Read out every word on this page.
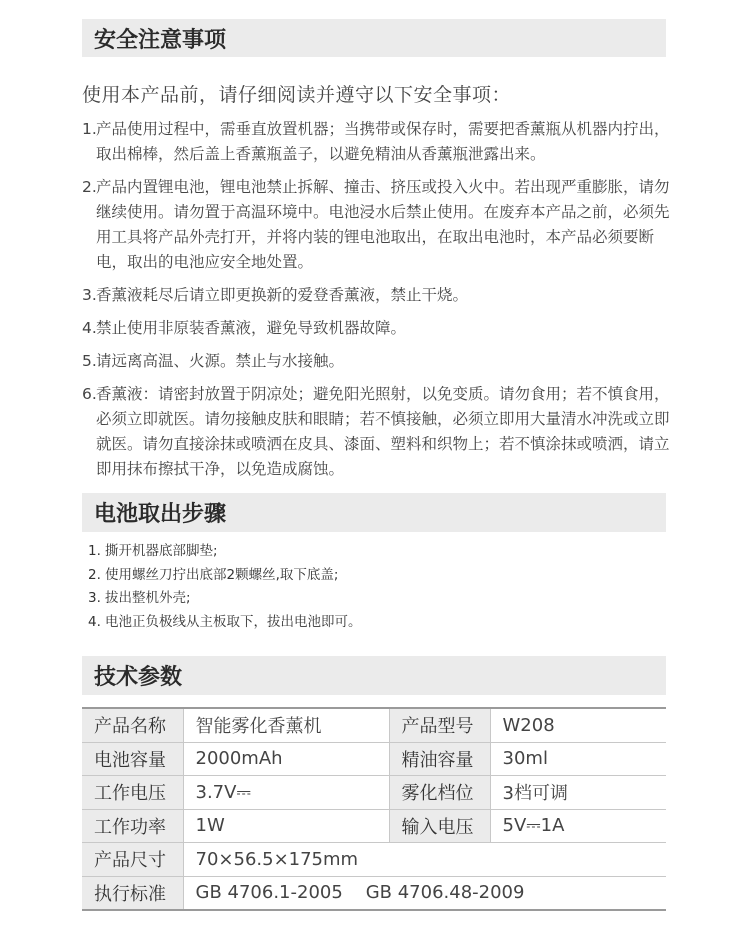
安全注意事项
使用本产品前，请仔细阅读并遵守以下安全事项：
1. 产品使用过程中，需垂直放置机器；当携带或保存时，需要把香薰瓶从机器内拧出，取出棉棒，然后盖上香薰瓶盖子，以避免精油从香薰瓶泄露出来。
2. 产品内置锂电池，锂电池禁止拆解、撞击、挤压或投入火中。若出现严重膨胀，请勿继续使用。请勿置于高温环境中。电池浸水后禁止使用。在废弃本产品之前，必须先用工具将产品外壳打开，并将内装的锂电池取出，在取出电池时，本产品必须要断电，取出的电池应安全地处置。
3. 香薰液耗尽后请立即更换新的爱登香薰液，禁止干烧。
4. 禁止使用非原装香薰液，避免导致机器故障。
5. 请远离高温、火源。禁止与水接触。
6. 香薰液：请密封放置于阴凉处；避免阳光照射，以免变质。请勿食用；若不慎食用，必须立即就医。请勿接触皮肤和眼睛；若不慎接触，必须立即用大量清水冲洗或立即就医。请勿直接涂抹或喷洒在皮具、漆面、塑料和织物上；若不慎涂抹或喷洒，请立即用抹布擦拭干净，以免造成腐蚀。
电池取出步骤
1. 撕开机器底部脚垫;
2. 使用螺丝刀拧出底部2颗螺丝,取下底盖;
3. 拔出整机外壳;
4. 电池正负极线从主板取下，拔出电池即可。
技术参数
产品名称	智能雾化香薰机	产品型号	W208
电池容量	2000mAh	精油容量	30ml
工作电压	3.7V⎓	雾化档位	3档可调
工作功率	1W	输入电压	5V⎓1A
产品尺寸	70×56.5×175mm		
执行标准	GB 4706.1-2005    GB 4706.48-2009		
